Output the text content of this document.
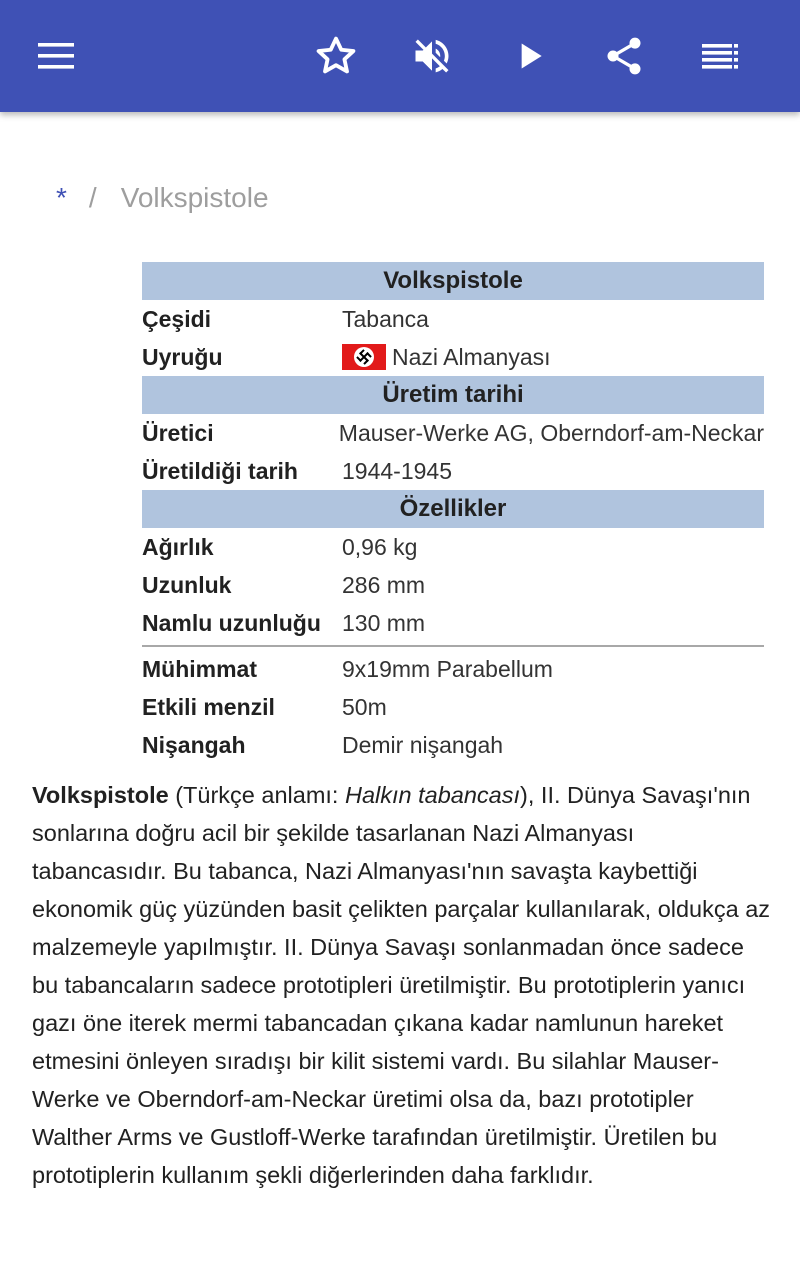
* / Volkspistole
Volkspistole
Çeşidi	Tabanca
Uyruğu	Nazi Almanyası
Üretim tarihi
Üretici	Mauser-Werke AG, Oberndorf-am-Neckar
Üretildiği tarih	1944-1945
Özellikler
Ağırlık	0,96 kg
Uzunluk	286 mm
Namlu uzunluğu 130 mm
Mühimmat	9x19mm Parabellum
Etkili menzil	50m
Nişangah	Demir nişangah

Volkspistole (Türkçe anlamı: Halkın tabancası), II. Dünya Savaşı'nın sonlarına doğru acil bir şekilde tasarlanan Nazi Almanyası tabancasıdır. Bu tabanca, Nazi Almanyası'nın savaşta kaybettiği ekonomik güç yüzünden basit çelikten parçalar kullanılarak, oldukça az malzemeyle yapılmıştır. II. Dünya Savaşı sonlanmadan önce sadece bu tabancaların sadece prototipleri üretilmiştir. Bu prototiplerin yanıcı gazı öne iterek mermi tabancadan çıkana kadar namlunun hareket etmesini önleyen sıradışı bir kilit sistemi vardı. Bu silahlar Mauser-Werke ve Oberndorf-am-Neckar üretimi olsa da, bazı prototipler Walther Arms ve Gustloff-Werke tarafından üretilmiştir. Üretilen bu prototiplerin kullanım şekli diğerlerinden daha farklıdır.
